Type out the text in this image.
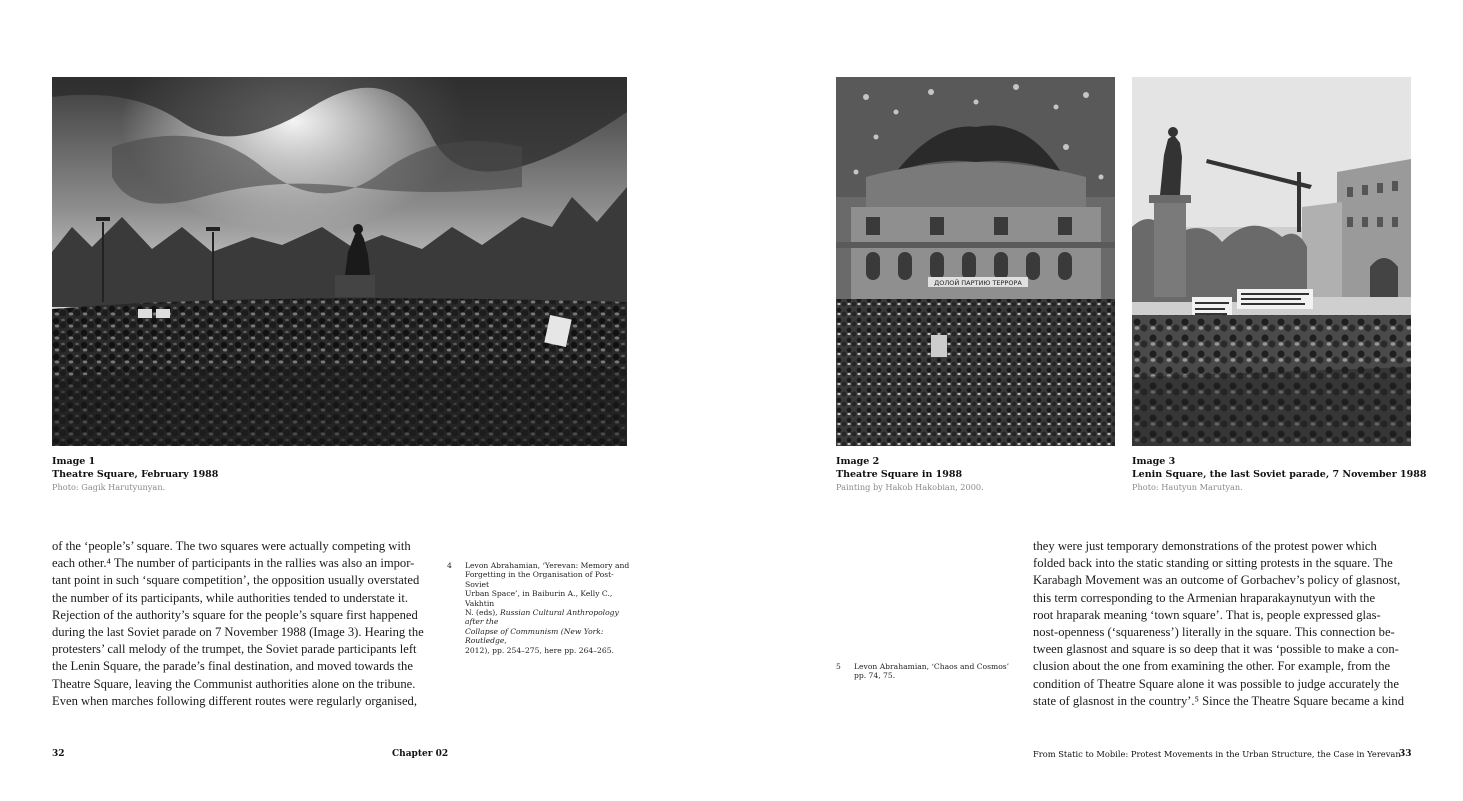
ДОЛОЙ ПАРТИЮ ТЕРРОРА
Image 1
Theatre Square, February 1988
Photo: Gagik Harutyunyan.
Image 2
Theatre Square in 1988
Painting by Hakob Hakobian, 2000.
Image 3
Lenin Square, the last Soviet parade, 7 November 1988
Photo: Hautyun Marutyan.

of the ‘people’s’ square. The two squares were actually competing with

each other.⁴ The number of participants in the rallies was also an impor-

tant point in such ‘square competition’, the opposition usually overstated

the number of its participants, while authorities tended to understate it.

Rejection of the authority’s square for the people’s square first happened

during the last Soviet parade on 7 November 1988 (Image 3). Hearing the

protesters’ call melody of the trumpet, the Soviet parade participants left

the Lenin Square, the parade’s final destination, and moved towards the

Theatre Square, leaving the Communist authorities alone on the tribune.

Even when marches following different routes were regularly organised,

4 Levon Abrahamian, ‘Yerevan: Memory and
Forgetting in the Organisation of Post-Soviet
Urban Space’, in Baiburin A., Kelly C., Vakhtin
N. (eds), Russian Cultural Anthropology after the
Collapse of Communism (New York: Routledge,
2012), pp. 254–275, here pp. 264–265.
5 Levon Abrahamian, ‘Chaos and Cosmos’
pp. 74, 75.

they were just temporary demonstrations of the protest power which

folded back into the static standing or sitting protests in the square. The

Karabagh Movement was an outcome of Gorbachev’s policy of glasnost,

this term corresponding to the Armenian hraparakaynutyun with the

root hraparak meaning ‘town square’. That is, people expressed glas-

nost-openness (‘squareness’) literally in the square. This connection be-

tween glasnost and square is so deep that it was ‘possible to make a con-

clusion about the one from examining the other. For example, from the

condition of Theatre Square alone it was possible to judge accurately the

state of glasnost in the country’.⁵ Since the Theatre Square became a kind

32	Chapter 02	From Static to Mobile: Protest Movements in the Urban Structure, the Case in Yerevan
33
